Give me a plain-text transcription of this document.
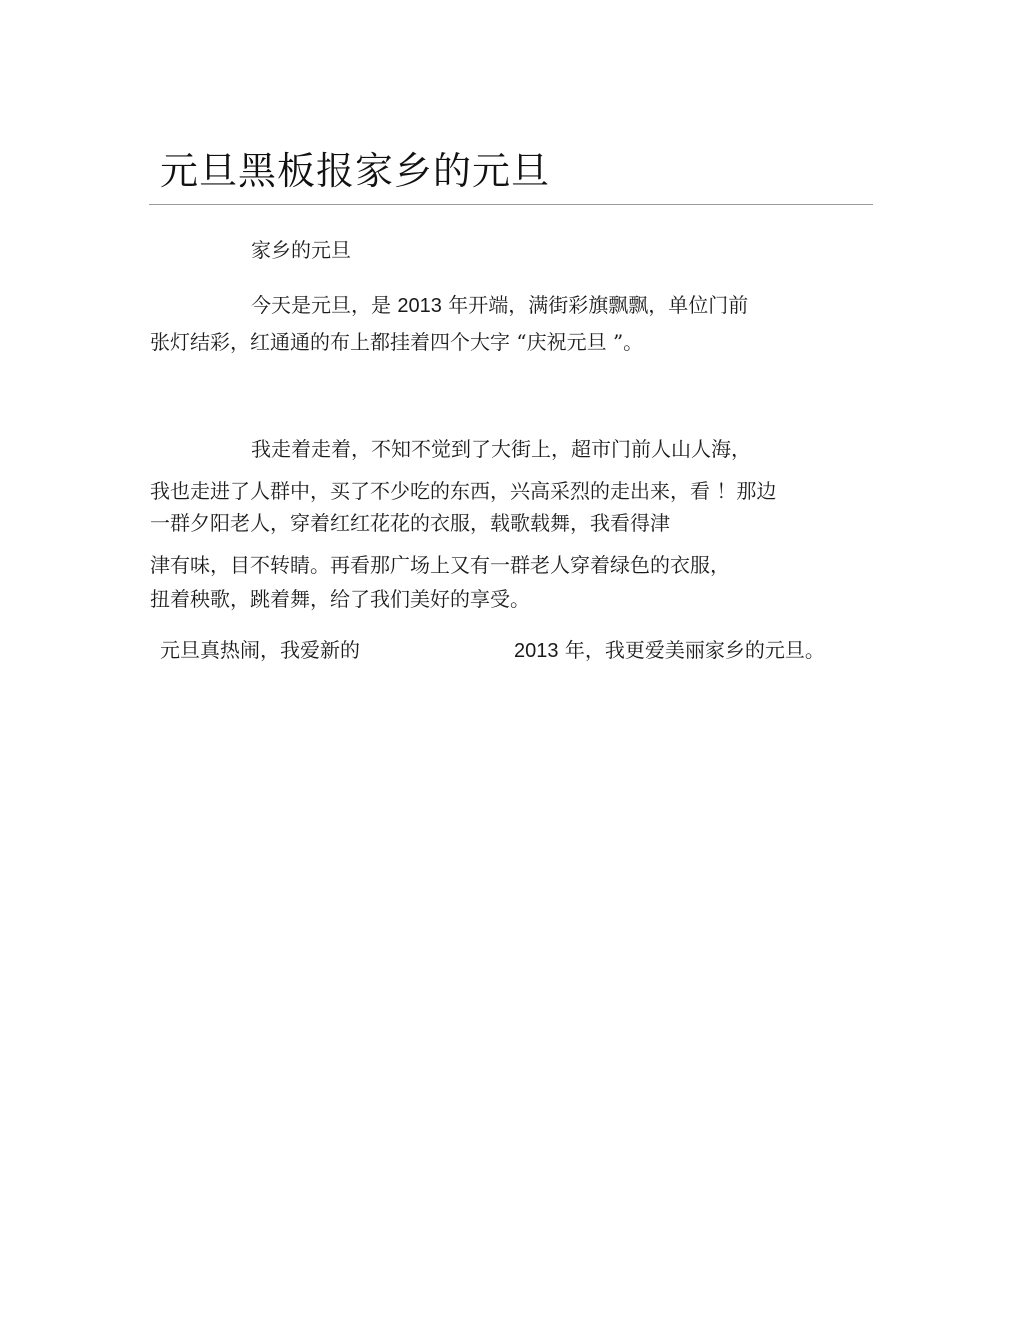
元旦黑板报家乡的元旦
家乡的元旦
今天是元旦，是 2013 年开端，满街彩旗飘飘，单位门前
张灯结彩，红通通的布上都挂着四个大字 “庆祝元旦 ”。
我走着走着，不知不觉到了大街上，超市门前人山人海，
我也走进了人群中，买了不少吃的东西，兴高采烈的走出来，看 ！那边
一群夕阳老人，穿着红红花花的衣服，载歌载舞，我看得津
津有味，目不转睛。再看那广场上又有一群老人穿着绿色的衣服，
扭着秧歌，跳着舞，给了我们美好的享受。
元旦真热闹，我爱新的	2013 年，我更爱美丽家乡的元旦。
